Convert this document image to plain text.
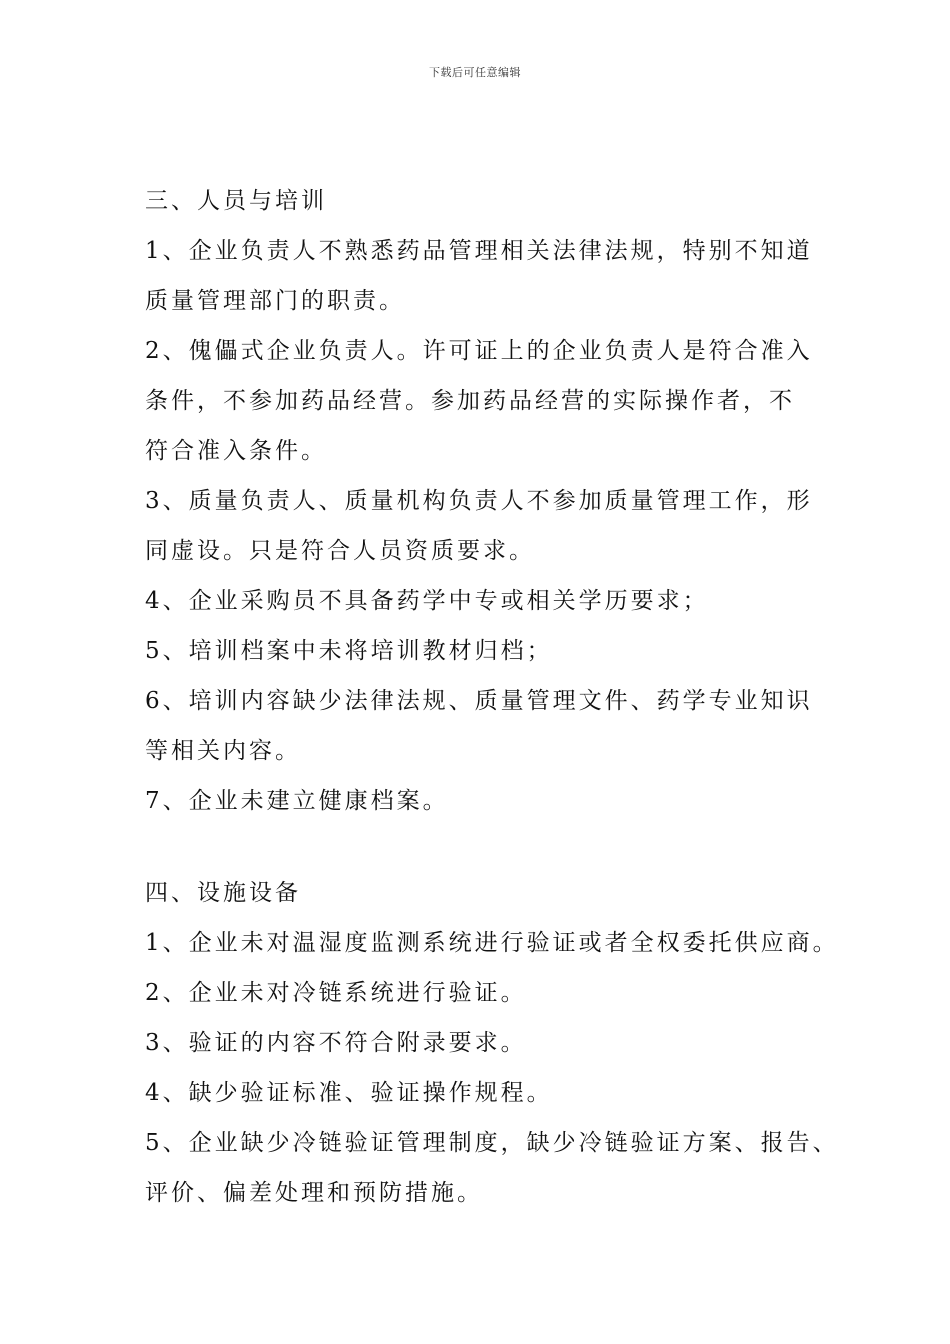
下载后可任意编辑
三、人员与培训
1、企业负责人不熟悉药品管理相关法律法规，特别不知道
质量管理部门的职责。
2、傀儡式企业负责人。许可证上的企业负责人是符合准入
条件，不参加药品经营。参加药品经营的实际操作者，不
符合准入条件。
3、质量负责人、质量机构负责人不参加质量管理工作，形
同虚设。只是符合人员资质要求。
4、企业采购员不具备药学中专或相关学历要求；
5、培训档案中未将培训教材归档；
6、培训内容缺少法律法规、质量管理文件、药学专业知识
等相关内容。
7、企业未建立健康档案。
四、设施设备
1、企业未对温湿度监测系统进行验证或者全权委托供应商。
2、企业未对冷链系统进行验证。
3、验证的内容不符合附录要求。
4、缺少验证标准、验证操作规程。
5、企业缺少冷链验证管理制度，缺少冷链验证方案、报告、
评价、偏差处理和预防措施。
